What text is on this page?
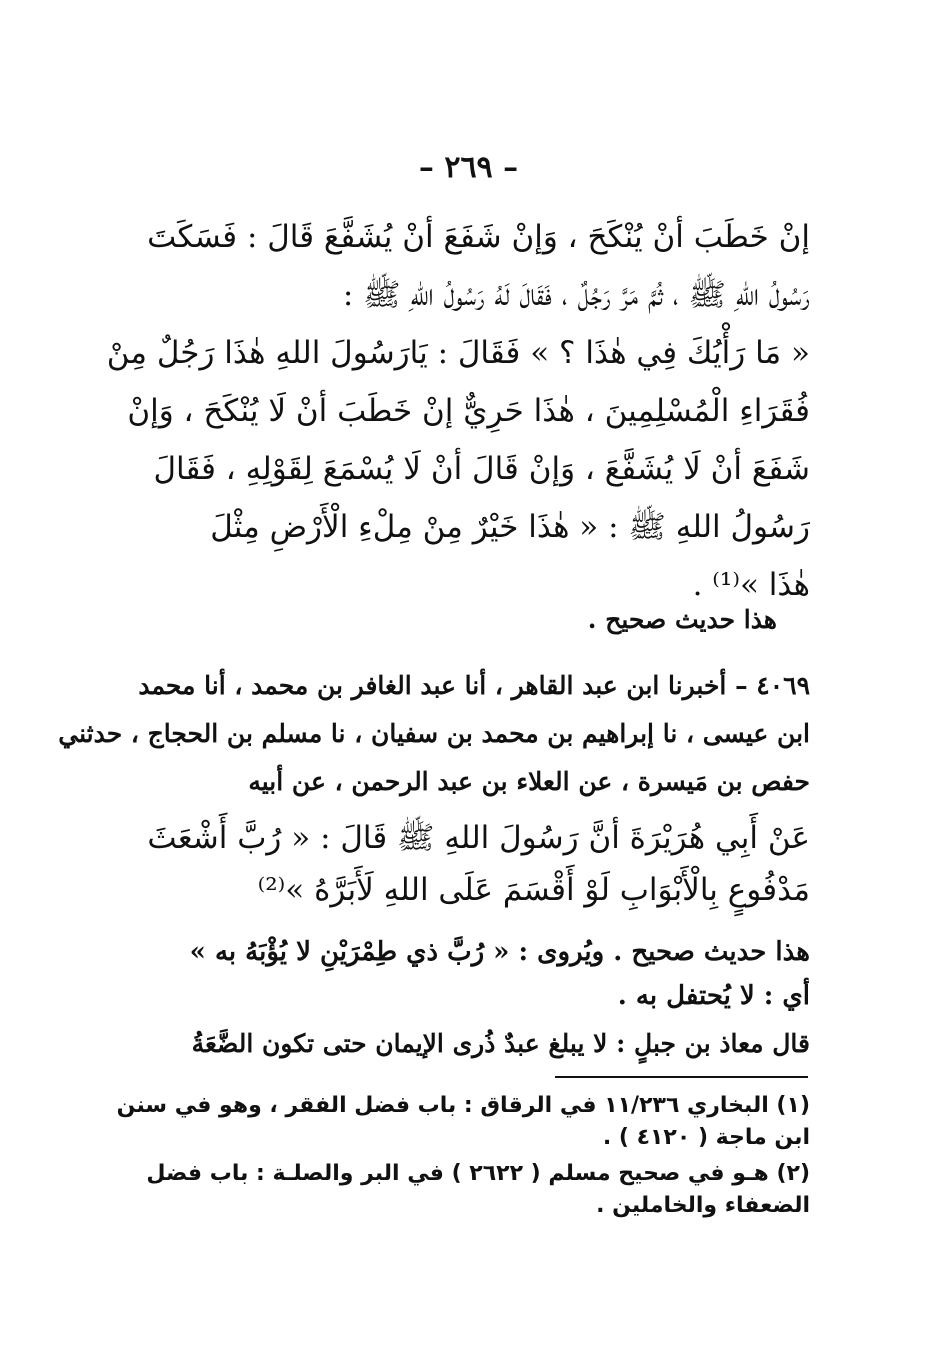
– ٢٦٩ –
إنْ خَطَبَ أنْ يُنْكَحَ ، وَإنْ شَفَعَ أنْ يُشَفَّعَ قَالَ : فَسَكَتَ
رَسُولُ اللهِ ﷺ ، ثُمَّ مَرَّ رَجُلٌ ، فَقَالَ لَهُ رَسُولُ اللهِ ﷺ :
« مَا رَأْيُكَ فِي هٰذَا ؟ » فَقَالَ : يَارَسُولَ اللهِ هٰذَا رَجُلٌ مِنْ
فُقَرَاءِ الْمُسْلِمِينَ ، هٰذَا حَرِيٌّ إنْ خَطَبَ أنْ لَا يُنْكَحَ ، وَإنْ
شَفَعَ أنْ لَا يُشَفَّعَ ، وَإنْ قَالَ أنْ لَا يُسْمَعَ لِقَوْلِهِ ، فَقَالَ
رَسُولُ اللهِ ﷺ : « هٰذَا خَيْرٌ مِنْ مِلْءِ الْأَرْضِ مِثْلَ
هٰذَا »⁽¹⁾ .
هذا حديث صحيح .
٤٠٦٩ – أخبرنا ابن عبد القاهر ، أنا عبد الغافر بن محمد ، أنا محمد
ابن عيسى ، نا إبراهيم بن محمد بن سفيان ، نا مسلم بن الحجاج ، حدثني
حفص بن مَيسرة ، عن العلاء بن عبد الرحمن ، عن أبيه
عَنْ أَبِي هُرَيْرَةَ أنَّ رَسُولَ اللهِ ﷺ قَالَ : « رُبَّ أَشْعَثَ
مَدْفُوعٍ بِالْأَبْوَابِ لَوْ أَقْسَمَ عَلَى اللهِ لَأَبَرَّهُ »⁽²⁾
هذا حديث صحيح . ويُروى : « رُبَّ ذي طِمْرَيْنِ لا يُؤْبَهُ به »
أي : لا يُحتفل به .
قال معاذ بن جبلٍ : لا يبلغ عبدٌ ذُرى الإيمان حتى تكون الضَّعَةُ
(١) البخاري ١١/٢٣٦ في الرقاق : باب فضل الفقر ، وهو في سنن
ابن ماجة ( ٤١٢٠ ) .
(٢) هـو في صحيح مسلم ( ٢٦٢٢ ) في البر والصلـة : باب فضل
الضعفاء والخاملين .
